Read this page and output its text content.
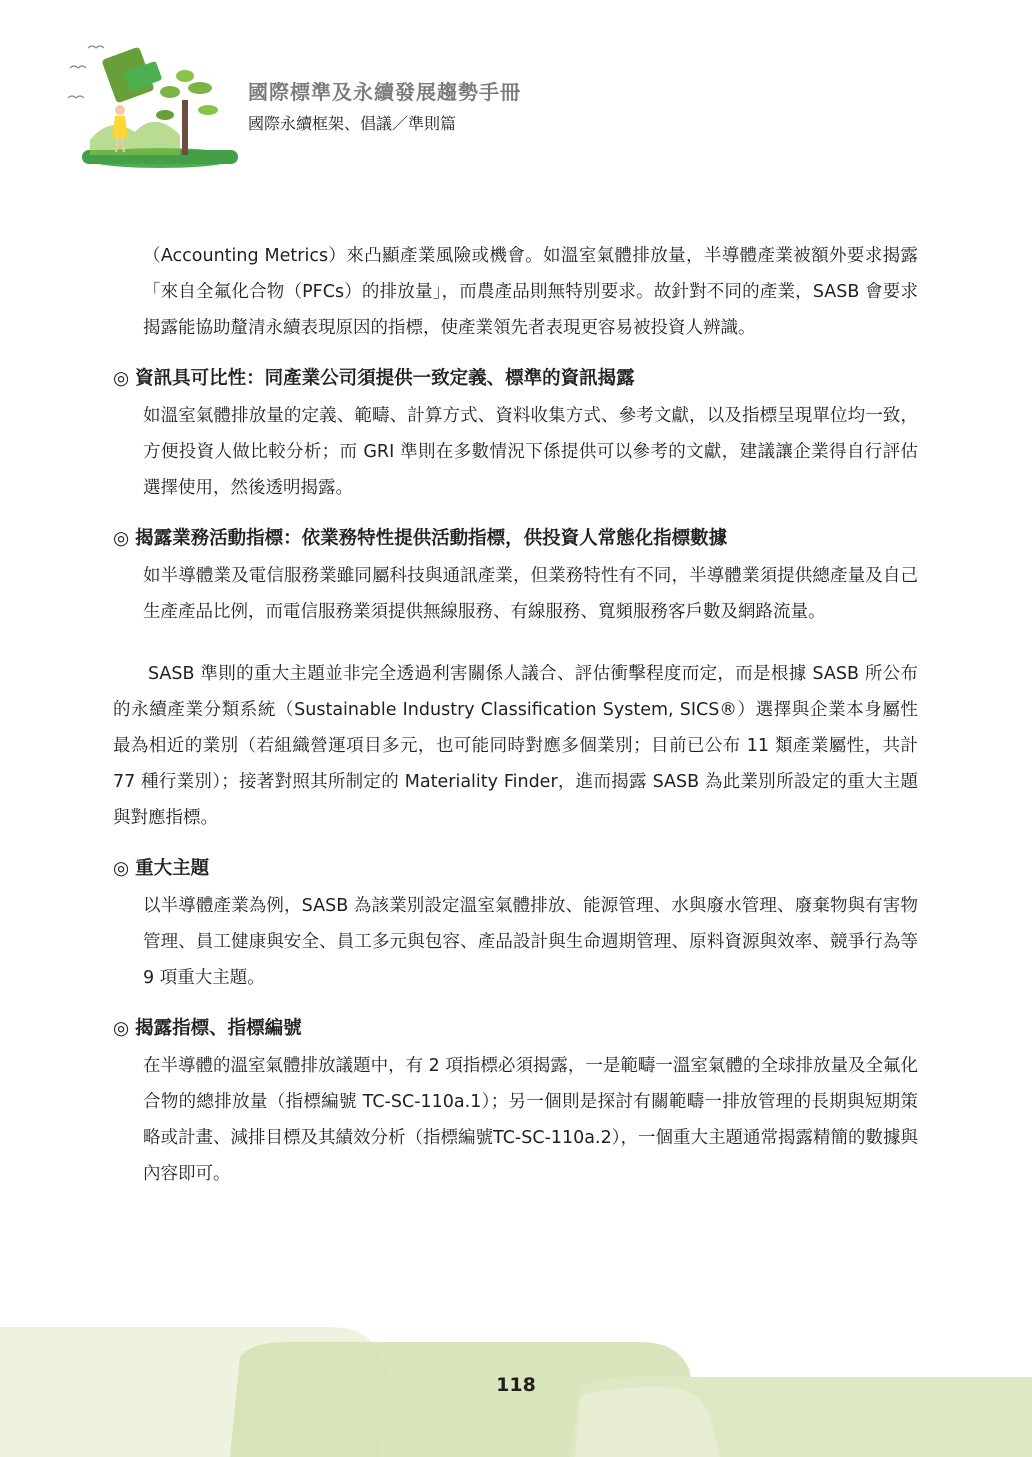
國際標準及永續發展趨勢手冊
國際永續框架、倡議／準則篇

（Accounting Metrics）來凸顯產業風險或機會。如溫室氣體排放量，半導體產業被額外要求揭露「來自全氟化合物（PFCs）的排放量」，而農產品則無特別要求。故針對不同的產業，SASB 會要求揭露能協助釐清永續表現原因的指標，使產業領先者表現更容易被投資人辨識。

◎ 資訊具可比性：同產業公司須提供一致定義、標準的資訊揭露

如溫室氣體排放量的定義、範疇、計算方式、資料收集方式、參考文獻，以及指標呈現單位均一致，方便投資人做比較分析；而 GRI 準則在多數情況下係提供可以參考的文獻，建議讓企業得自行評估選擇使用，然後透明揭露。

◎ 揭露業務活動指標：依業務特性提供活動指標，供投資人常態化指標數據

如半導體業及電信服務業雖同屬科技與通訊產業，但業務特性有不同，半導體業須提供總產量及自己生產產品比例，而電信服務業須提供無線服務、有線服務、寬頻服務客戶數及網路流量。

SASB 準則的重大主題並非完全透過利害關係人議合、評估衝擊程度而定，而是根據 SASB 所公布的永續產業分類系統（Sustainable Industry Classification System, SICS®）選擇與企業本身屬性最為相近的業別（若組織營運項目多元，也可能同時對應多個業別；目前已公布 11 類產業屬性，共計 77 種行業別）；接著對照其所制定的 Materiality Finder，進而揭露 SASB 為此業別所設定的重大主題與對應指標。

◎ 重大主題

以半導體產業為例，SASB 為該業別設定溫室氣體排放、能源管理、水與廢水管理、廢棄物與有害物管理、員工健康與安全、員工多元與包容、產品設計與生命週期管理、原料資源與效率、競爭行為等 9 項重大主題。

◎ 揭露指標、指標編號

在半導體的溫室氣體排放議題中，有 2 項指標必須揭露，一是範疇一溫室氣體的全球排放量及全氟化合物的總排放量（指標編號 TC-SC-110a.1）；另一個則是探討有關範疇一排放管理的長期與短期策略或計畫、減排目標及其績效分析（指標編號TC-SC-110a.2），一個重大主題通常揭露精簡的數據與內容即可。

118
